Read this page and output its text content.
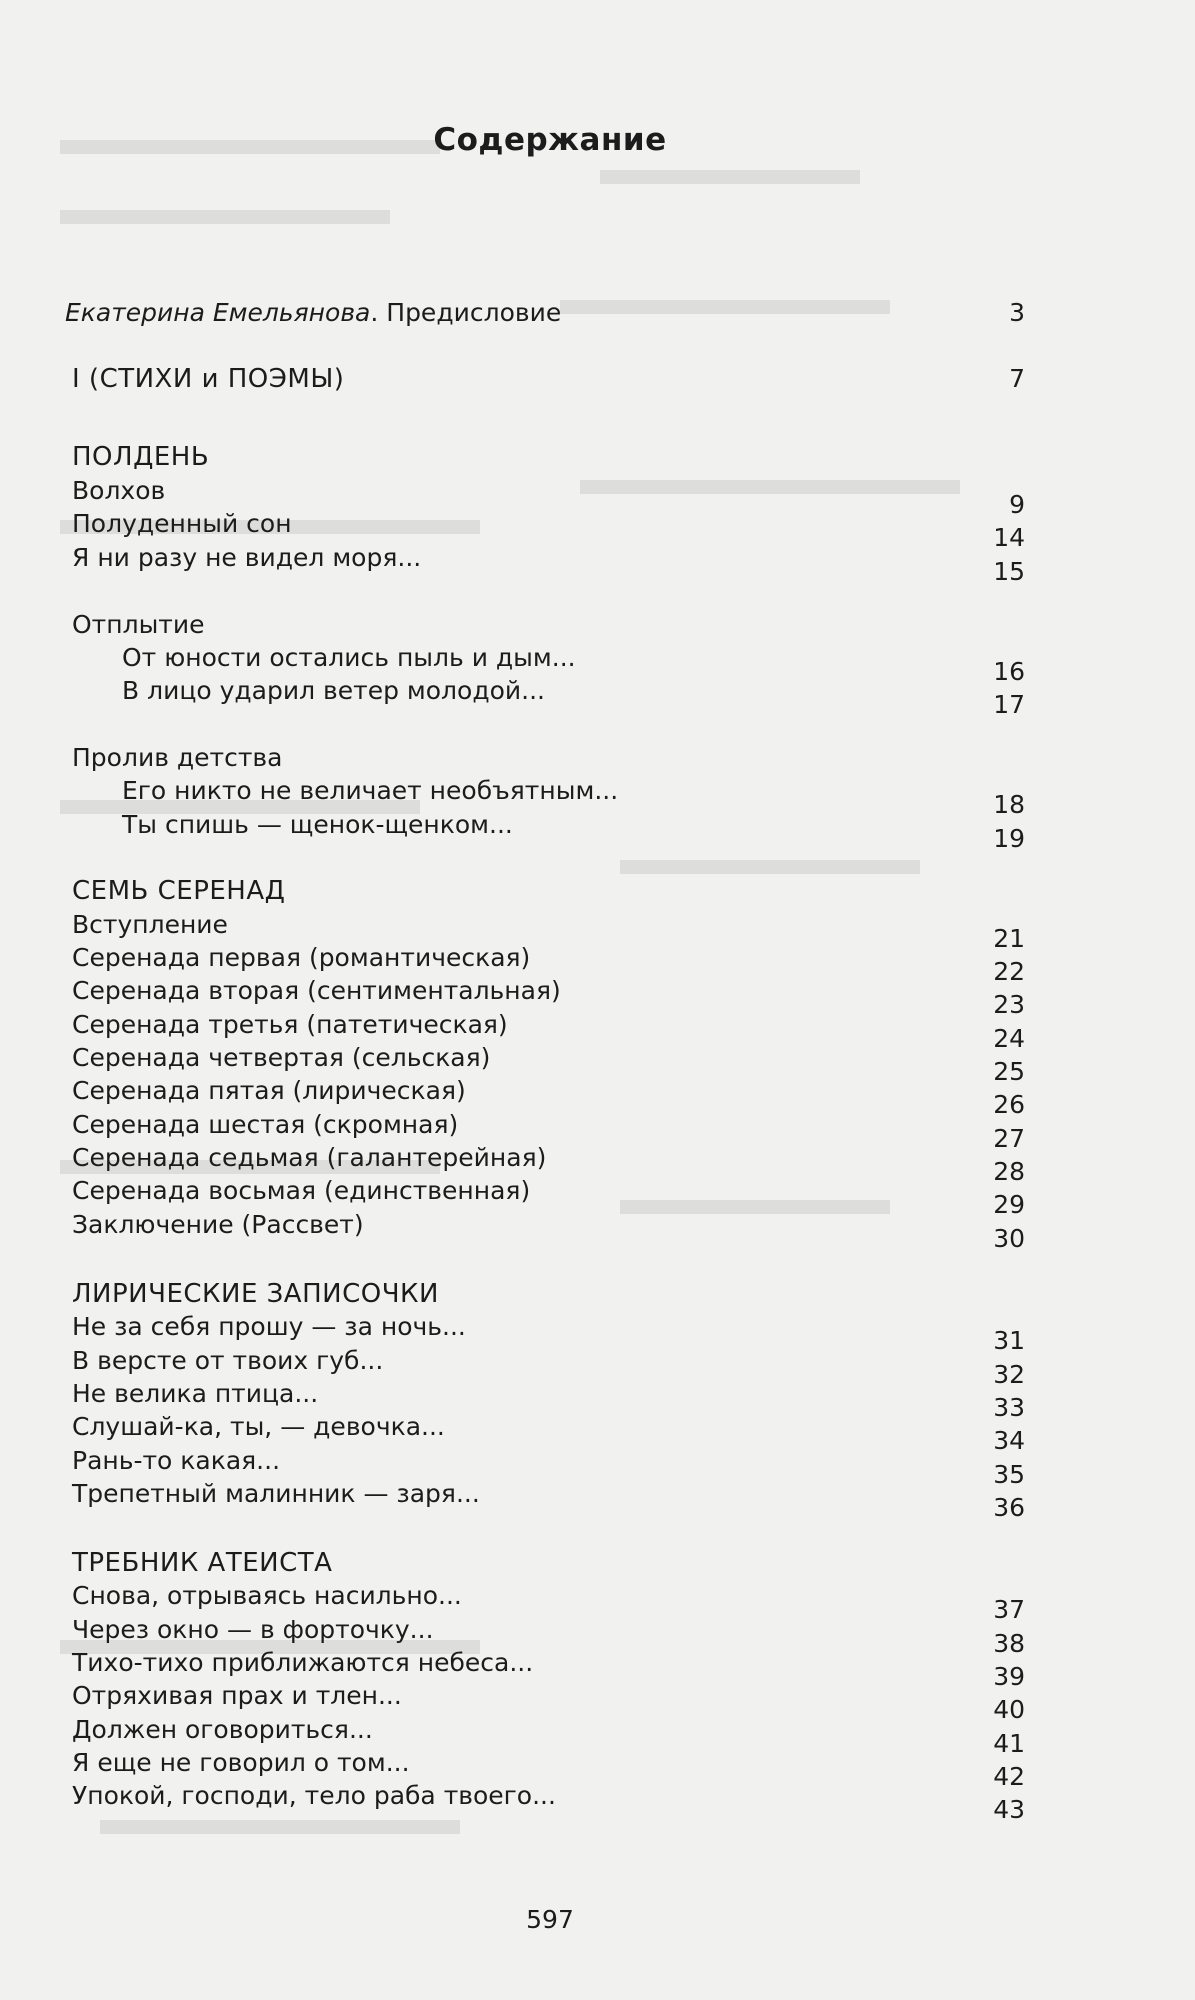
Содержание
Екатерина Емельянова. Предисловие	3
I (СТИХИ и ПОЭМЫ)	7
ПОЛДЕНЬ
Волхов	9
Полуденный сон	14
Я ни разу не видел моря...	15
Отплытие
От юности остались пыль и дым...	16
В лицо ударил ветер молодой...	17
Пролив детства
Его никто не величает необъятным...	18
Ты спишь — щенок-щенком...	19
СЕМЬ СЕРЕНАД
Вступление	21
Серенада первая (романтическая)	22
Серенада вторая (сентиментальная)	23
Серенада третья (патетическая)	24
Серенада четвертая (сельская)	25
Серенада пятая (лирическая)	26
Серенада шестая (скромная)	27
Серенада седьмая (галантерейная)	28
Серенада восьмая (единственная)	29
Заключение (Рассвет)	30
ЛИРИЧЕСКИЕ ЗАПИСОЧКИ
Не за себя прошу — за ночь...	31
В версте от твоих губ...	32
Не велика птица...	33
Слушай-ка, ты, — девочка...	34
Рань-то какая...	35
Трепетный малинник — заря...	36
ТРЕБНИК АТЕИСТА
Снова, отрываясь насильно...	37
Через окно — в форточку...	38
Тихо-тихо приближаются небеса...	39
Отряхивая прах и тлен...	40
Должен оговориться...	41
Я еще не говорил о том...	42
Упокой, господи, тело раба твоего...	43
597
